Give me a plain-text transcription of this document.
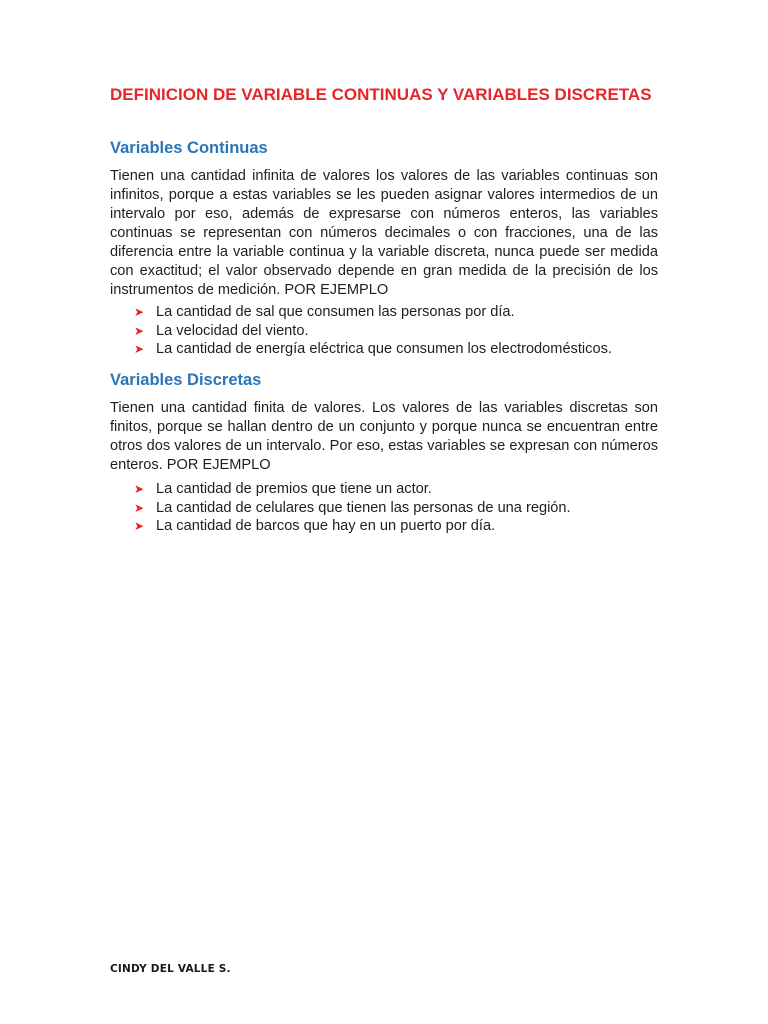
DEFINICION DE VARIABLE CONTINUAS Y VARIABLES DISCRETAS
Variables Continuas

Tienen una cantidad infinita de valores los valores de las variables continuas son infinitos, porque a estas variables se les pueden asignar valores intermedios de un intervalo por eso, además de expresarse con números enteros, las variables continuas se representan con números decimales o con fracciones, una de las diferencia entre la variable continua y la variable discreta, nunca puede ser medida con exactitud; el valor observado depende en gran medida de la precisión de los instrumentos de medición. POR EJEMPLO

➤ La cantidad de sal que consumen las personas por día.
➤ La velocidad del viento.
➤ La cantidad de energía eléctrica que consumen los electrodomésticos.
Variables Discretas

Tienen una cantidad finita de valores. Los valores de las variables discretas son finitos, porque se hallan dentro de un conjunto y porque nunca se encuentran entre otros dos valores de un intervalo. Por eso, estas variables se expresan con números enteros. POR EJEMPLO

➤ La cantidad de premios que tiene un actor.
➤ La cantidad de celulares que tienen las personas de una región.
➤ La cantidad de barcos que hay en un puerto por día.

CINDY DEL VALLE S.
